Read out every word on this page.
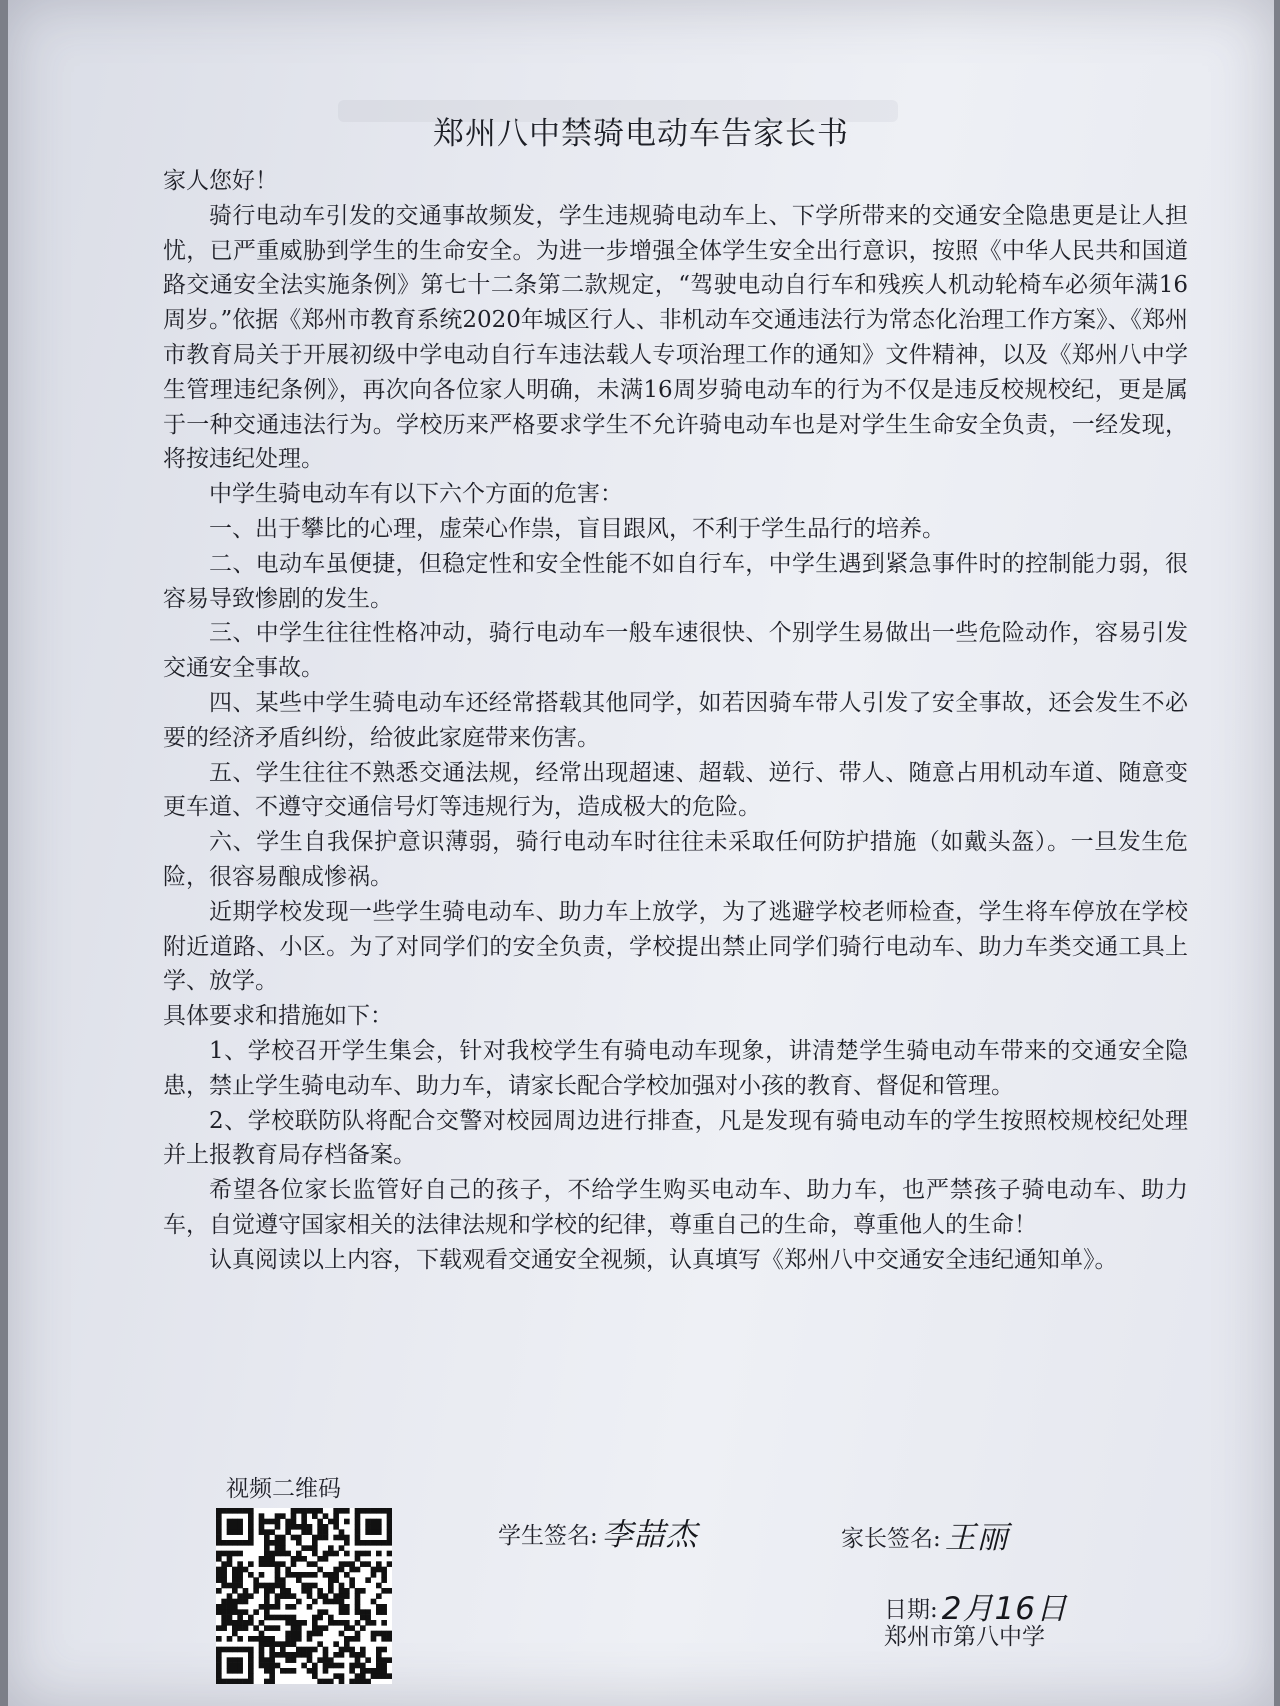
郑州八中禁骑电动车告家长书

家人您好！

骑行电动车引发的交通事故频发，学生违规骑电动车上、下学所带来的交通安全隐患更是让人担忧，已严重威胁到学生的生命安全。为进一步增强全体学生安全出行意识，按照《中华人民共和国道路交通安全法实施条例》第七十二条第二款规定，“驾驶电动自行车和残疾人机动轮椅车必须年满16周岁。”依据《郑州市教育系统2020年城区行人、非机动车交通违法行为常态化治理工作方案》、《郑州市教育局关于开展初级中学电动自行车违法载人专项治理工作的通知》文件精神，以及《郑州八中学生管理违纪条例》，再次向各位家人明确，未满16周岁骑电动车的行为不仅是违反校规校纪，更是属于一种交通违法行为。学校历来严格要求学生不允许骑电动车也是对学生生命安全负责，一经发现，将按违纪处理。

中学生骑电动车有以下六个方面的危害：

一、出于攀比的心理，虚荣心作祟，盲目跟风，不利于学生品行的培养。

二、电动车虽便捷，但稳定性和安全性能不如自行车，中学生遇到紧急事件时的控制能力弱，很容易导致惨剧的发生。

三、中学生往往性格冲动，骑行电动车一般车速很快、个别学生易做出一些危险动作，容易引发交通安全事故。

四、某些中学生骑电动车还经常搭载其他同学，如若因骑车带人引发了安全事故，还会发生不必要的经济矛盾纠纷，给彼此家庭带来伤害。

五、学生往往不熟悉交通法规，经常出现超速、超载、逆行、带人、随意占用机动车道、随意变更车道、不遵守交通信号灯等违规行为，造成极大的危险。

六、学生自我保护意识薄弱，骑行电动车时往往未采取任何防护措施（如戴头盔）。一旦发生危险，很容易酿成惨祸。

近期学校发现一些学生骑电动车、助力车上放学，为了逃避学校老师检查，学生将车停放在学校附近道路、小区。为了对同学们的安全负责，学校提出禁止同学们骑行电动车、助力车类交通工具上学、放学。

具体要求和措施如下：

1、学校召开学生集会，针对我校学生有骑电动车现象，讲清楚学生骑电动车带来的交通安全隐患，禁止学生骑电动车、助力车，请家长配合学校加强对小孩的教育、督促和管理。

2、学校联防队将配合交警对校园周边进行排查，凡是发现有骑电动车的学生按照校规校纪处理并上报教育局存档备案。

希望各位家长监管好自己的孩子，不给学生购买电动车、助力车，也严禁孩子骑电动车、助力车，自觉遵守国家相关的法律法规和学校的纪律，尊重自己的生命，尊重他人的生命！

认真阅读以上内容，下载观看交通安全视频，认真填写《郑州八中交通安全违纪通知单》。

视频二维码
学生签名: 李喆杰	家长签名: 王丽
日期: 2月16日
郑州市第八中学
